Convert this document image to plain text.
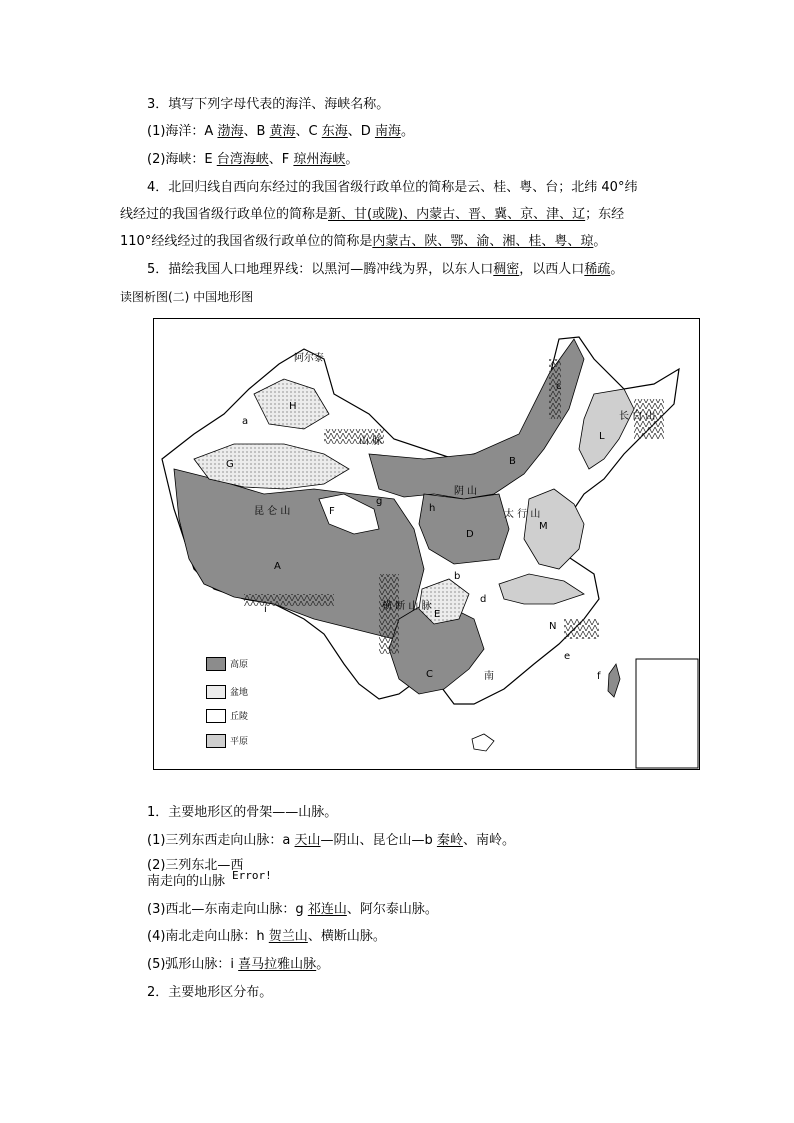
3．填写下列字母代表的海洋、海峡名称。
(1)海洋：A 渤海、B 黄海、C 东海、D 南海。
(2)海峡：E 台湾海峡、F 琼州海峡。
4．北回归线自西向东经过的我国省级行政单位的简称是云、桂、粤、台；北纬 40°纬
线经过的我国省级行政单位的简称是新、甘(或陇)、内蒙古、晋、冀、京、津、辽；东经
110°经线经过的我国省级行政单位的简称是内蒙古、陕、鄂、渝、湘、桂、粤、琼。
5．描绘我国人口地理界线：以黑河—腾冲线为界，以东人口稠密，以西人口稀疏。
读图析图(二) 中国地形图
A
B
C
D
E
F
G
H
L
M
N
a
b
c
d
e
f
g
h
i
阿尔泰
山 脉
阴 山
昆 仑 山
横 断 山 脉
太 行 山
长 白 山
南
高原
盆地
丘陵
平原
1．主要地形区的骨架——山脉。
(1)三列东西走向山脉：a 天山—阴山、昆仑山—b 秦岭、南岭。
(2)三列东北—西
Error!
南走向的山脉
(3)西北—东南走向山脉：g 祁连山、阿尔泰山脉。
(4)南北走向山脉：h 贺兰山、横断山脉。
(5)弧形山脉：i 喜马拉雅山脉。
2．主要地形区分布。
